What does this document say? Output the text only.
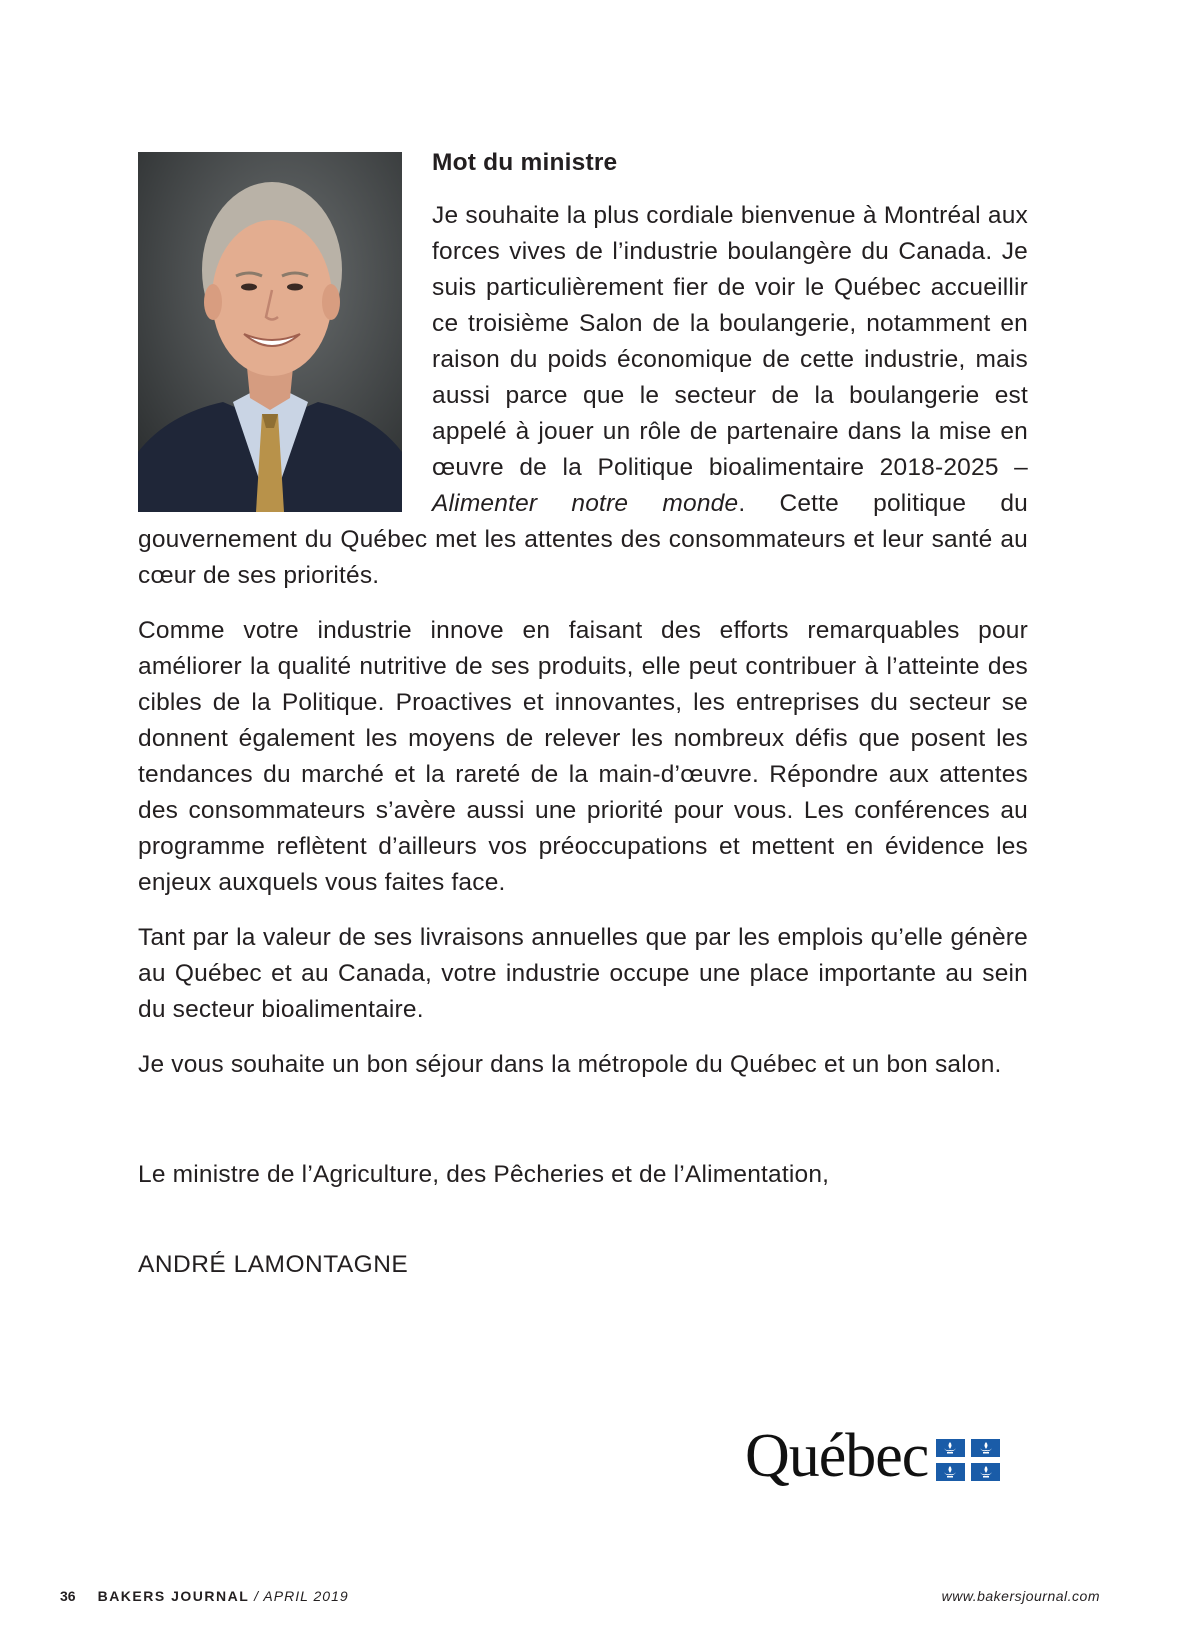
Mot du ministre

Je souhaite la plus cordiale bienvenue à Montréal aux forces vives de l’industrie boulangère du Canada. Je suis particulièrement fier de voir le Québec accueillir ce troisième Salon de la boulangerie, notamment en raison du poids économique de cette industrie, mais aussi parce que le secteur de la boulangerie est appelé à jouer un rôle de partenaire dans la mise en œuvre de la Politique bioalimentaire 2018-2025 – Alimenter notre monde. Cette politique du gouvernement du Québec met les attentes des consommateurs et leur santé au cœur de ses priorités.

Comme votre industrie innove en faisant des efforts remarquables pour améliorer la qualité nutritive de ses produits, elle peut contribuer à l’atteinte des cibles de la Politique. Proactives et innovantes, les entreprises du secteur se donnent également les moyens de relever les nombreux défis que posent les tendances du marché et la rareté de la main-d’œuvre. Répondre aux attentes des consommateurs s’avère aussi une priorité pour vous. Les conférences au programme reflètent d’ailleurs vos préoccupations et mettent en évidence les enjeux auxquels vous faites face.

Tant par la valeur de ses livraisons annuelles que par les emplois qu’elle génère au Québec et au Canada, votre industrie occupe une place importante au sein du secteur bioalimentaire.

Je vous souhaite un bon séjour dans la métropole du Québec et un bon salon.

Le ministre de l’Agriculture, des Pêcheries et de l’Alimentation,
ANDRÉ LAMONTAGNE
Québec
36 BAKERS JOURNAL / APRIL 2019	www.bakersjournal.com
